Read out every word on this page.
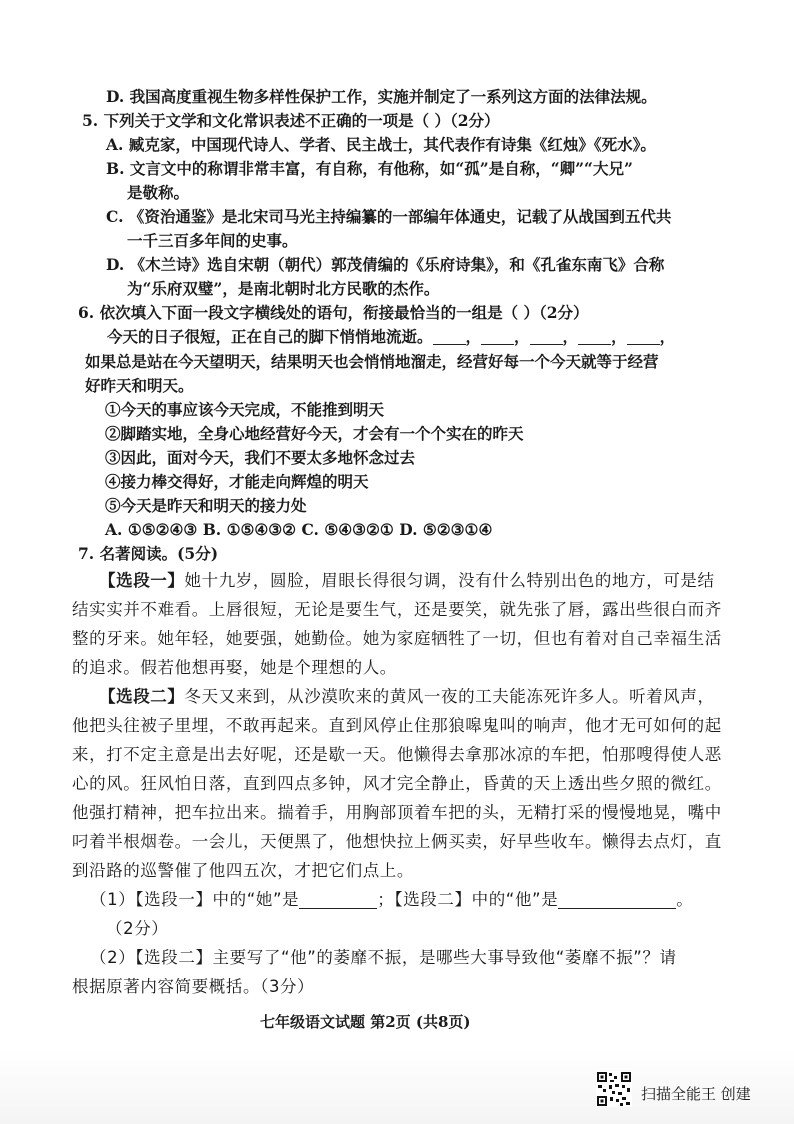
D. 我国高度重视生物多样性保护工作，实施并制定了一系列这方面的法律法规。
5. 下列关于文学和文化常识表述不正确的一项是（ ）（2分）
A. 臧克家，中国现代诗人、学者、民主战士，其代表作有诗集《红烛》《死水》。
B. 文言文中的称谓非常丰富，有自称，有他称，如“孤”是自称，“卿”“大兄”
是敬称。
C. 《资治通鉴》是北宋司马光主持编纂的一部编年体通史，记载了从战国到五代共
一千三百多年间的史事。
D. 《木兰诗》选自宋朝（朝代）郭茂倩编的《乐府诗集》，和《孔雀东南飞》合称
为“乐府双璧”，是南北朝时北方民歌的杰作。
6. 依次填入下面一段文字横线处的语句，衔接最恰当的一组是（ ）（2分）
今天的日子很短，正在自己的脚下悄悄地流逝。 ， ， ， ， ，
如果总是站在今天望明天，结果明天也会悄悄地溜走，经营好每一个今天就等于经营
好昨天和明天。
①今天的事应该今天完成，不能推到明天
②脚踏实地，全身心地经营好今天，才会有一个个实在的昨天
③因此，面对今天，我们不要太多地怀念过去
④接力棒交得好，才能走向辉煌的明天
⑤今天是昨天和明天的接力处
A. ①⑤②④③ B. ①⑤④③② C. ⑤④③②① D. ⑤②③①④
7. 名著阅读。(5分)
【选段一】她十九岁，圆脸，眉眼长得很匀调，没有什么特别出色的地方，可是结
结实实并不难看。上唇很短，无论是要生气，还是要笑，就先张了唇，露出些很白而齐
整的牙来。她年轻，她要强，她勤俭。她为家庭牺牲了一切，但也有着对自己幸福生活
的追求。假若他想再娶，她是个理想的人。
【选段二】冬天又来到，从沙漠吹来的黄风一夜的工夫能冻死许多人。听着风声，
他把头往被子里埋，不敢再起来。直到风停止住那狼嗥鬼叫的响声，他才无可如何的起
来，打不定主意是出去好呢，还是歇一天。他懒得去拿那冰凉的车把，怕那嗖得使人恶
心的风。狂风怕日落，直到四点多钟，风才完全静止，昏黄的天上透出些夕照的微红。
他强打精神，把车拉出来。揣着手，用胸部顶着车把的头，无精打采的慢慢地晃，嘴中
叼着半根烟卷。一会儿，天便黑了，他想快拉上俩买卖，好早些收车。懒得去点灯，直
到沿路的巡警催了他四五次，才把它们点上。
（1）【选段一】中的“她”是	；【选段二】中的“他”是	。
（2分）
（2）【选段二】主要写了“他”的萎靡不振，是哪些大事导致他“萎靡不振”？请
根据原著内容简要概括。（3分）
七年级语文试题 第2页 (共8页)
扫描全能王 创建
